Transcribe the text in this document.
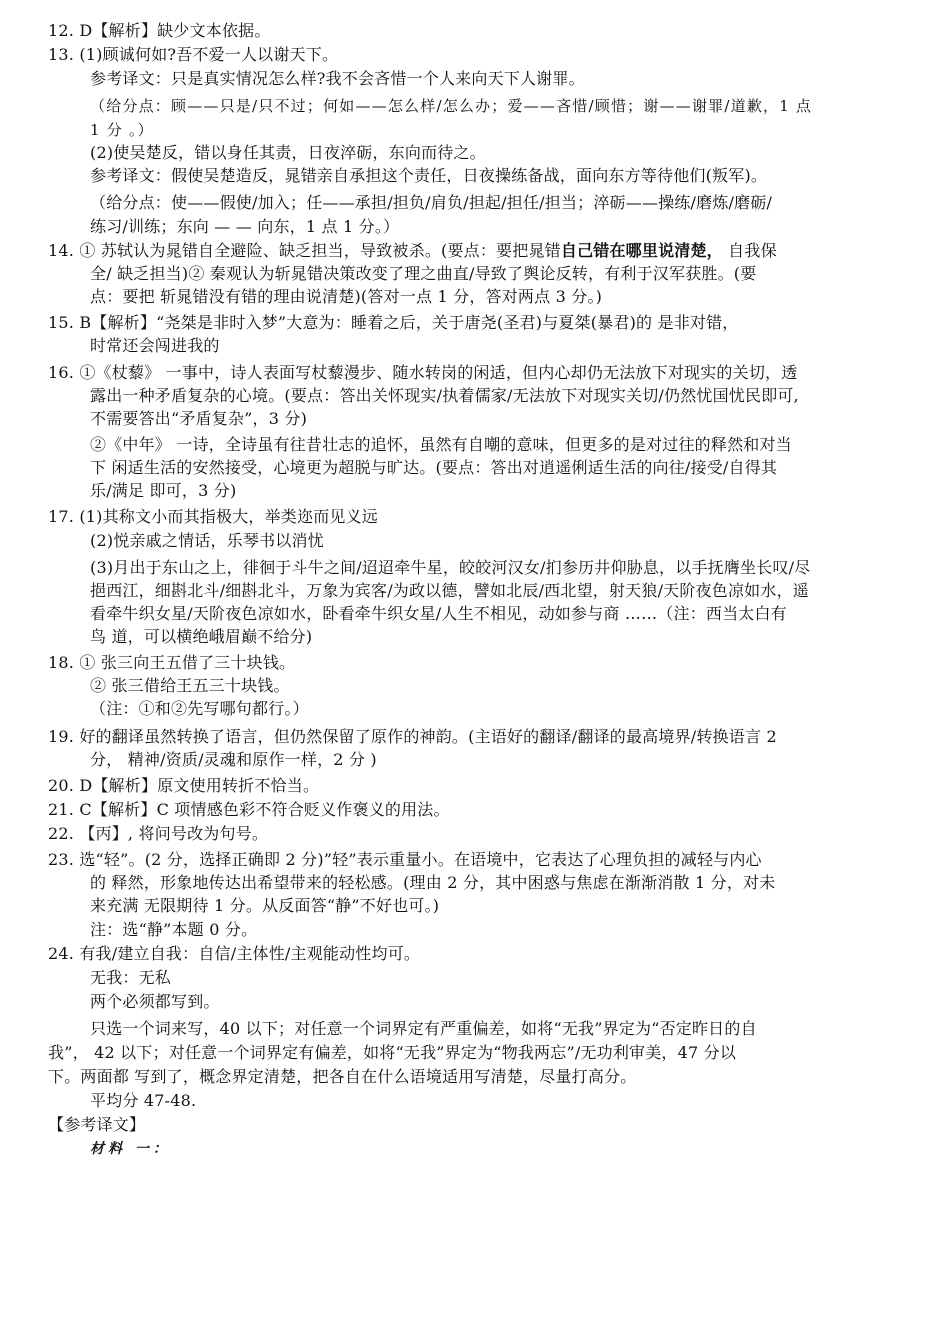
12. D【解析】缺少文本依据。
13. (1)顾诚何如?吾不爱一人以谢天下。
参考译文：只是真实情况怎么样?我不会吝惜一个人来向天下人谢罪。
（给分点：顾——只是/只不过；何如——怎么样/怎么办；爱——吝惜/顾惜；谢——谢罪/道歉，1 点
1 分 。）
(2)使吴楚反，错以身任其责，日夜淬砺，东向而待之。
参考译文：假使吴楚造反，晁错亲自承担这个责任，日夜操练备战，面向东方等待他们(叛军)。
（给分点：使——假使/加入；任——承担/担负/肩负/担起/担任/担当；淬砺——操练/磨炼/磨砺/
练习/训练；东向 — — 向东，1 点 1 分。）
14. ① 苏轼认为晁错自全避险、缺乏担当，导致被杀。(要点：要把晁错自己错在哪里说清楚， 自我保
全/ 缺乏担当)② 秦观认为斩晁错决策改变了理之曲直/导致了舆论反转，有利于汉军获胜。(要
点：要把 斩晁错没有错的理由说清楚)(答对一点 1 分，答对两点 3 分。)
15. B【解析】“尧桀是非时入梦”大意为：睡着之后，关于唐尧(圣君)与夏桀(暴君)的 是非对错，
时常还会闯进我的
16. ①《杖藜》 一事中，诗人表面写杖藜漫步、随水转岗的闲适，但内心却仍无法放下对现实的关切，透
露出一种矛盾复杂的心境。(要点：答出关怀现实/执着儒家/无法放下对现实关切/仍然忧国忧民即可,
不需要答出“矛盾复杂”，3 分)
②《中年》 一诗，全诗虽有往昔壮志的追怀，虽然有自嘲的意味，但更多的是对过往的释然和对当
下 闲适生活的安然接受，心境更为超脱与旷达。(要点：答出对逍遥俐适生活的向往/接受/自得其
乐/满足 即可，3 分)
17. (1)其称文小而其指极大，举类迩而见义远
(2)悦亲戚之情话，乐琴书以消忧
(3)月出于东山之上，徘徊于斗牛之间/迢迢牵牛星，皎皎河汉女/扪参历井仰胁息，以手抚膺坐长叹/尽
挹西江，细斟北斗/细斟北斗，万象为宾客/为政以德，譬如北辰/西北望，射天狼/天阶夜色凉如水，遥
看牵牛织女星/天阶夜色凉如水，卧看牵牛织女星/人生不相见，动如参与商 ……（注：西当太白有
鸟 道，可以横绝峨眉巅不给分)
18. ① 张三向王五借了三十块钱。
② 张三借给王五三十块钱。
（注：①和②先写哪句都行。）
19. 好的翻译虽然转换了语言，但仍然保留了原作的神韵。(主语好的翻译/翻译的最高境界/转换语言 2
分， 精神/资质/灵魂和原作一样，2 分 )
20. D【解析】原文使用转折不恰当。
21. C【解析】C 项情感色彩不符合贬义作褒义的用法。
22. 【丙】, 将问号改为句号。
23. 选“轻”。(2 分，选择正确即 2 分)”轻”表示重量小。在语境中，它表达了心理负担的减轻与内心
的 释然，形象地传达出希望带来的轻松感。(理由 2 分，其中困惑与焦虑在渐渐消散 1 分，对未
来充满 无限期待 1 分。从反面答“静”不好也可。)
注：选“静”本题 0 分。
24. 有我/建立自我：自信/主体性/主观能动性均可。
无我：无私
两个必须都写到。
只选一个词来写，40 以下；对任意一个词界定有严重偏差，如将“无我”界定为“否定昨日的自
我”， 42 以下；对任意一个词界定有偏差，如将“无我”界定为“物我两忘”/无功利审美，47 分以
下。两面都 写到了，概念界定清楚，把各自在什么语境适用写清楚，尽量打高分。
平均分 47-48.
【参考译文】
材料 一：
